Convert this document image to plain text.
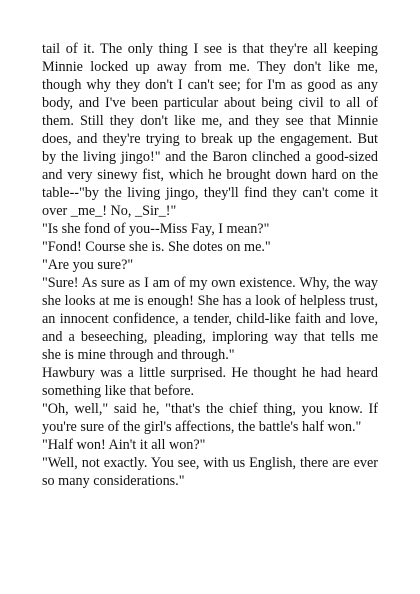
tail of it. The only thing I see is that they're all keeping Minnie locked up away from me. They don't like me, though why they don't I can't see; for I'm as good as any body, and I've been particular about being civil to all of them. Still they don't like me, and they see that Minnie does, and they're trying to break up the engagement. But by the living jingo!" and the Baron clinched a good-sized and very sinewy fist, which he brought down hard on the table--"by the living jingo, they'll find they can't come it over _me_! No, _Sir_!"

"Is she fond of you--Miss Fay, I mean?"

"Fond! Course she is. She dotes on me."

"Are you sure?"

"Sure! As sure as I am of my own existence. Why, the way she looks at me is enough! She has a look of helpless trust, an innocent confidence, a tender, child-like faith and love, and a beseeching, pleading, imploring way that tells me she is mine through and through."

Hawbury was a little surprised. He thought he had heard something like that before.

"Oh, well," said he, "that's the chief thing, you know. If you're sure of the girl's affections, the battle's half won."

"Half won! Ain't it all won?"

"Well, not exactly. You see, with us English, there are ever so many considerations."
